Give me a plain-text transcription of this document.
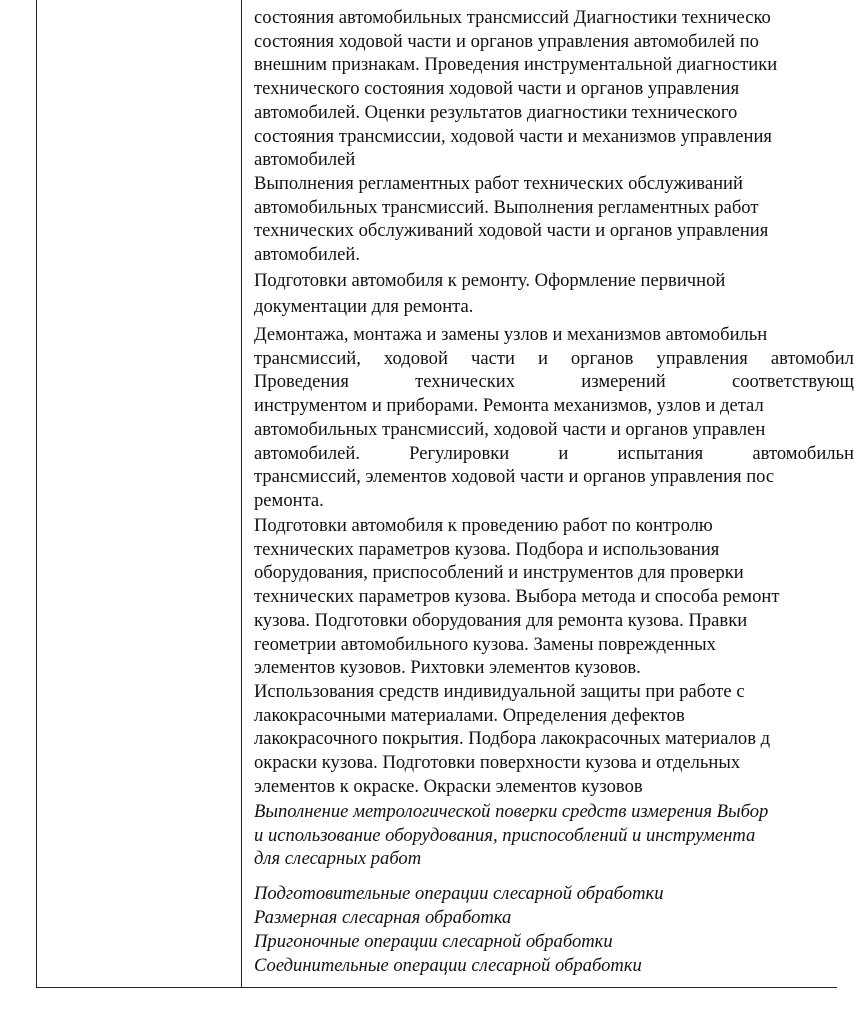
состояния автомобильных трансмиссий Диагностики техническо
состояния ходовой части и органов управления автомобилей по
внешним признакам. Проведения инструментальной диагностики
технического состояния ходовой части и органов управления
автомобилей. Оценки результатов диагностики технического
состояния трансмиссии, ходовой части и механизмов управления
автомобилей
Выполнения регламентных работ технических обслуживаний
автомобильных трансмиссий. Выполнения регламентных работ
технических обслуживаний ходовой части и органов управления
автомобилей.
Подготовки автомобиля к ремонту. Оформление первичной
документации для ремонта.
Демонтажа, монтажа и замены узлов и механизмов автомобильн
трансмиссий, ходовой части и органов управления автомобил
Проведения	технических	измерений	соответствующ
инструментом и приборами. Ремонта механизмов, узлов и детал
автомобильных трансмиссий, ходовой части и органов управлен
автомобилей.	Регулировки	и	испытания	автомобильн
трансмиссий, элементов ходовой части и органов управления пос
ремонта.
Подготовки автомобиля к проведению работ по контролю
технических параметров кузова. Подбора и использования
оборудования, приспособлений и инструментов для проверки
технических параметров кузова. Выбора метода и способа ремонт
кузова. Подготовки оборудования для ремонта кузова. Правки
геометрии автомобильного кузова. Замены поврежденных
элементов кузовов. Рихтовки элементов кузовов.
Использования средств индивидуальной защиты при работе с
лакокрасочными материалами. Определения дефектов
лакокрасочного покрытия. Подбора лакокрасочных материалов д
окраски кузова. Подготовки поверхности кузова и отдельных
элементов к окраске. Окраски элементов кузовов
Выполнение метрологической поверки средств измерения Выбор
и использование оборудования, приспособлений и инструмента
для слесарных работ
Подготовительные операции слесарной обработки
Размерная слесарная обработка
Пригоночные операции слесарной обработки
Соединительные операции слесарной обработки
